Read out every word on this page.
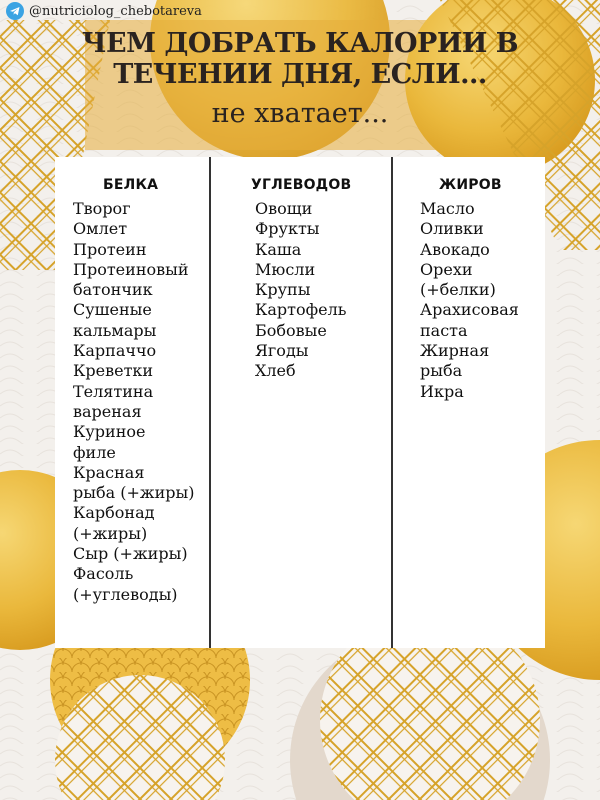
@nutriciolog_chebotareva
ЧЕМ ДОБРАТЬ КАЛОРИИ В
ТЕЧЕНИИ ДНЯ, ЕСЛИ...
не хватает...
БЕЛКА
Творог
Омлет
Протеин
Протеиновый
батончик
Сушеные
кальмары
Карпаччо
Креветки
Телятина
вареная
Куриное
филе
Красная
рыба (+жиры)
Карбонад
(+жиры)
Сыр (+жиры)
Фасоль
(+углеводы)
УГЛЕВОДОВ
Овощи
Фрукты
Каша
Мюсли
Крупы
Картофель
Бобовые
Ягоды
Хлеб
ЖИРОВ
Масло
Оливки
Авокадо
Орехи
(+белки)
Арахисовая
паста
Жирная
рыба
Икра
